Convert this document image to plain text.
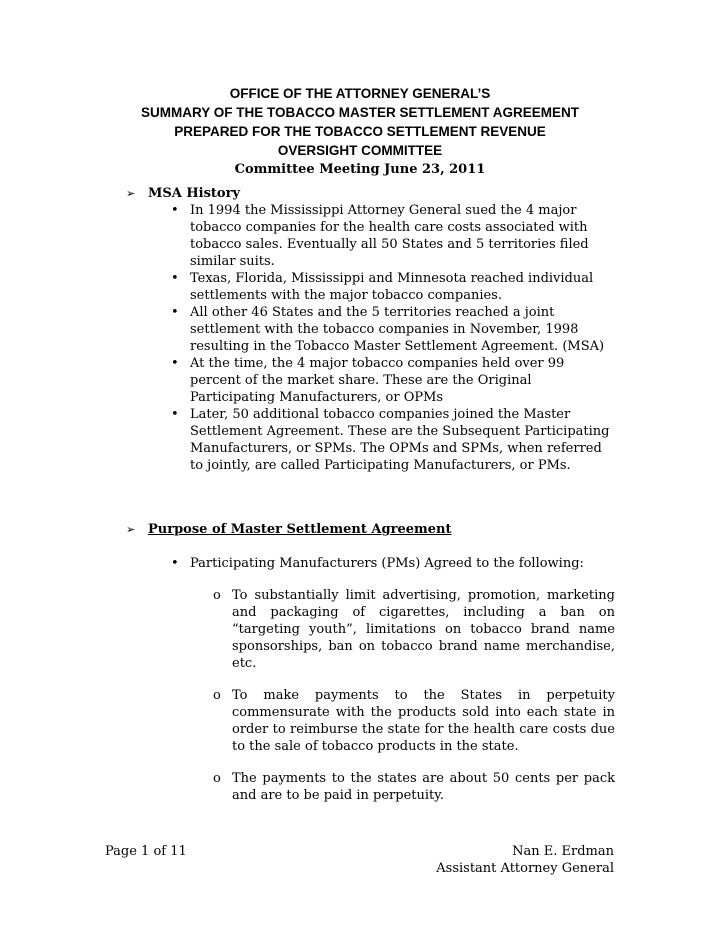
OFFICE OF THE ATTORNEY GENERAL’S
SUMMARY OF THE TOBACCO MASTER SETTLEMENT AGREEMENT
PREPARED FOR THE TOBACCO SETTLEMENT REVENUE
OVERSIGHT COMMITTEE
Committee Meeting June 23, 2011
➢ MSA History

• In 1994 the Mississippi Attorney General sued the 4 major tobacco companies for the health care costs associated with tobacco sales. Eventually all 50 States and 5 territories filed similar suits.

• Texas, Florida, Mississippi and Minnesota reached individual settlements with the major tobacco companies.

• All other 46 States and the 5 territories reached a joint settlement with the tobacco companies in November, 1998 resulting in the Tobacco Master Settlement Agreement. (MSA)

• At the time, the 4 major tobacco companies held over 99 percent of the market share. These are the Original Participating Manufacturers, or OPMs

• Later, 50 additional tobacco companies joined the Master Settlement Agreement. These are the Subsequent Participating Manufacturers, or SPMs. The OPMs and SPMs, when referred to jointly, are called Participating Manufacturers, or PMs.

➢ Purpose of Master Settlement Agreement

• Participating Manufacturers (PMs) Agreed to the following:

o To substantially limit advertising, promotion, marketing and packaging of cigarettes, including a ban on “targeting youth”, limitations on tobacco brand name sponsorships, ban on tobacco brand name merchandise, etc.
o To make payments to the States in perpetuity commensurate with the products sold into each state in order to reimburse the state for the health care costs due to the sale of tobacco products in the state.
o The payments to the states are about 50 cents per pack and are to be paid in perpetuity.
Page 1 of 11	Nan E. Erdman
Assistant Attorney General
